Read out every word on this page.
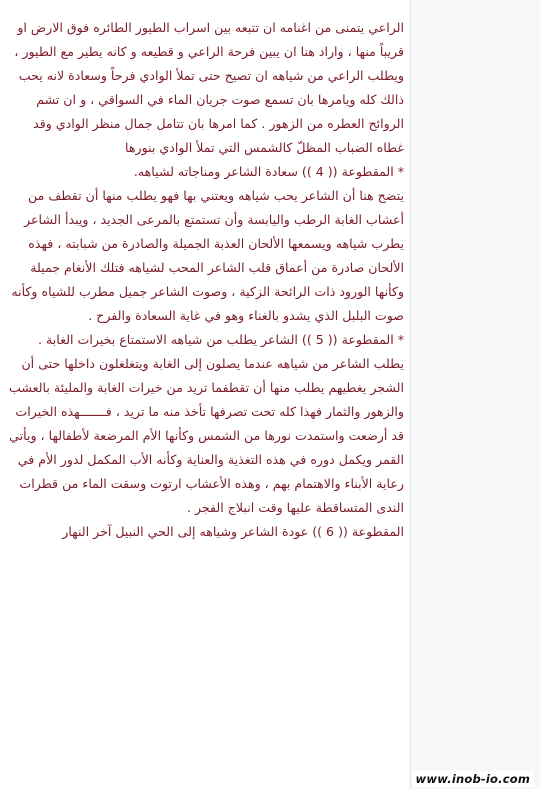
الراعي يتمنى من اغنامه ان تتبعه بين اسراب الطيور الطائره فوق الارض او قريباً منها ، واراد هنا ان يبين فرحة الراعي و قطيعه و كانه يطير مع الطيور ، ويطلب الراعي من شياهه ان تصيح حتى تملأ الوادي فرحاً وسعادة لانه يحب ذالك كله ويامرها بان تسمع صوت جريان الماء في السواقي ، و ان تشم الروائح العطره من الزهور . كما امرها بان تتامل جمال منظر الوادي وقد غطاه الضباب المظلّ كالشمس التي تملأ الوادي بنورها

* المقطوعة (( 4 )) سعادة الشاعر ومناجاته لشياهه.

يتضح هنا أن الشاعر يحب شياهه ويعتني بها فهو يطلب منها أن تقطف من أعشاب الغابة الرطب واليابسة وأن تستمتع بالمرعى الجديد ، ويبدأ الشاعر يطرب شياهه ويسمعها الألحان العذبة الجميلة والصادرة من شبابته ، فهذه الألحان صادرة من أعماق قلب الشاعر المحب لشياهه فتلك الأنغام جميلة وكأنها الورود ذات الرائحة الزكية ، وصوت الشاعر جميل مطرب للشياه وكأنه صوت البلبل الذي يشدو بالغناء وهو في غاية السعادة والفرح .

* المقطوعة (( 5 )) الشاعر يطلب من شياهه الاستمتاع بخيرات الغابة .

يطلب الشاعر من شياهه عندما يصلون إلى الغابة ويتغلغلون داخلها حتى أن الشجر يغطيهم يطلب منها أن تقطفما تريد من خيرات الغابة والمليئة بالعشب والزهور والثمار فهذا كله تحت تصرفها تأخذ منه ما تريد ، فـــــــهذه الخيرات قد أرضعت واستمدت نورها من الشمس وكأنها الأم المرضعة لأطفالها ، ويأتي القمر ويكمل دوره في هذه التغذية والعناية وكأنه الأب المكمل لدور الأم في رعاية الأبناء والاهتمام بهم ، وهذه الأعشاب ارتوت وسقت الماء من قطرات الندى المتساقطة عليها وقت انبلاج الفجر .

المقطوعة (( 6 )) عودة الشاعر وشياهه إلى الحي النبيل آخر النهار

www.inob-io.com
